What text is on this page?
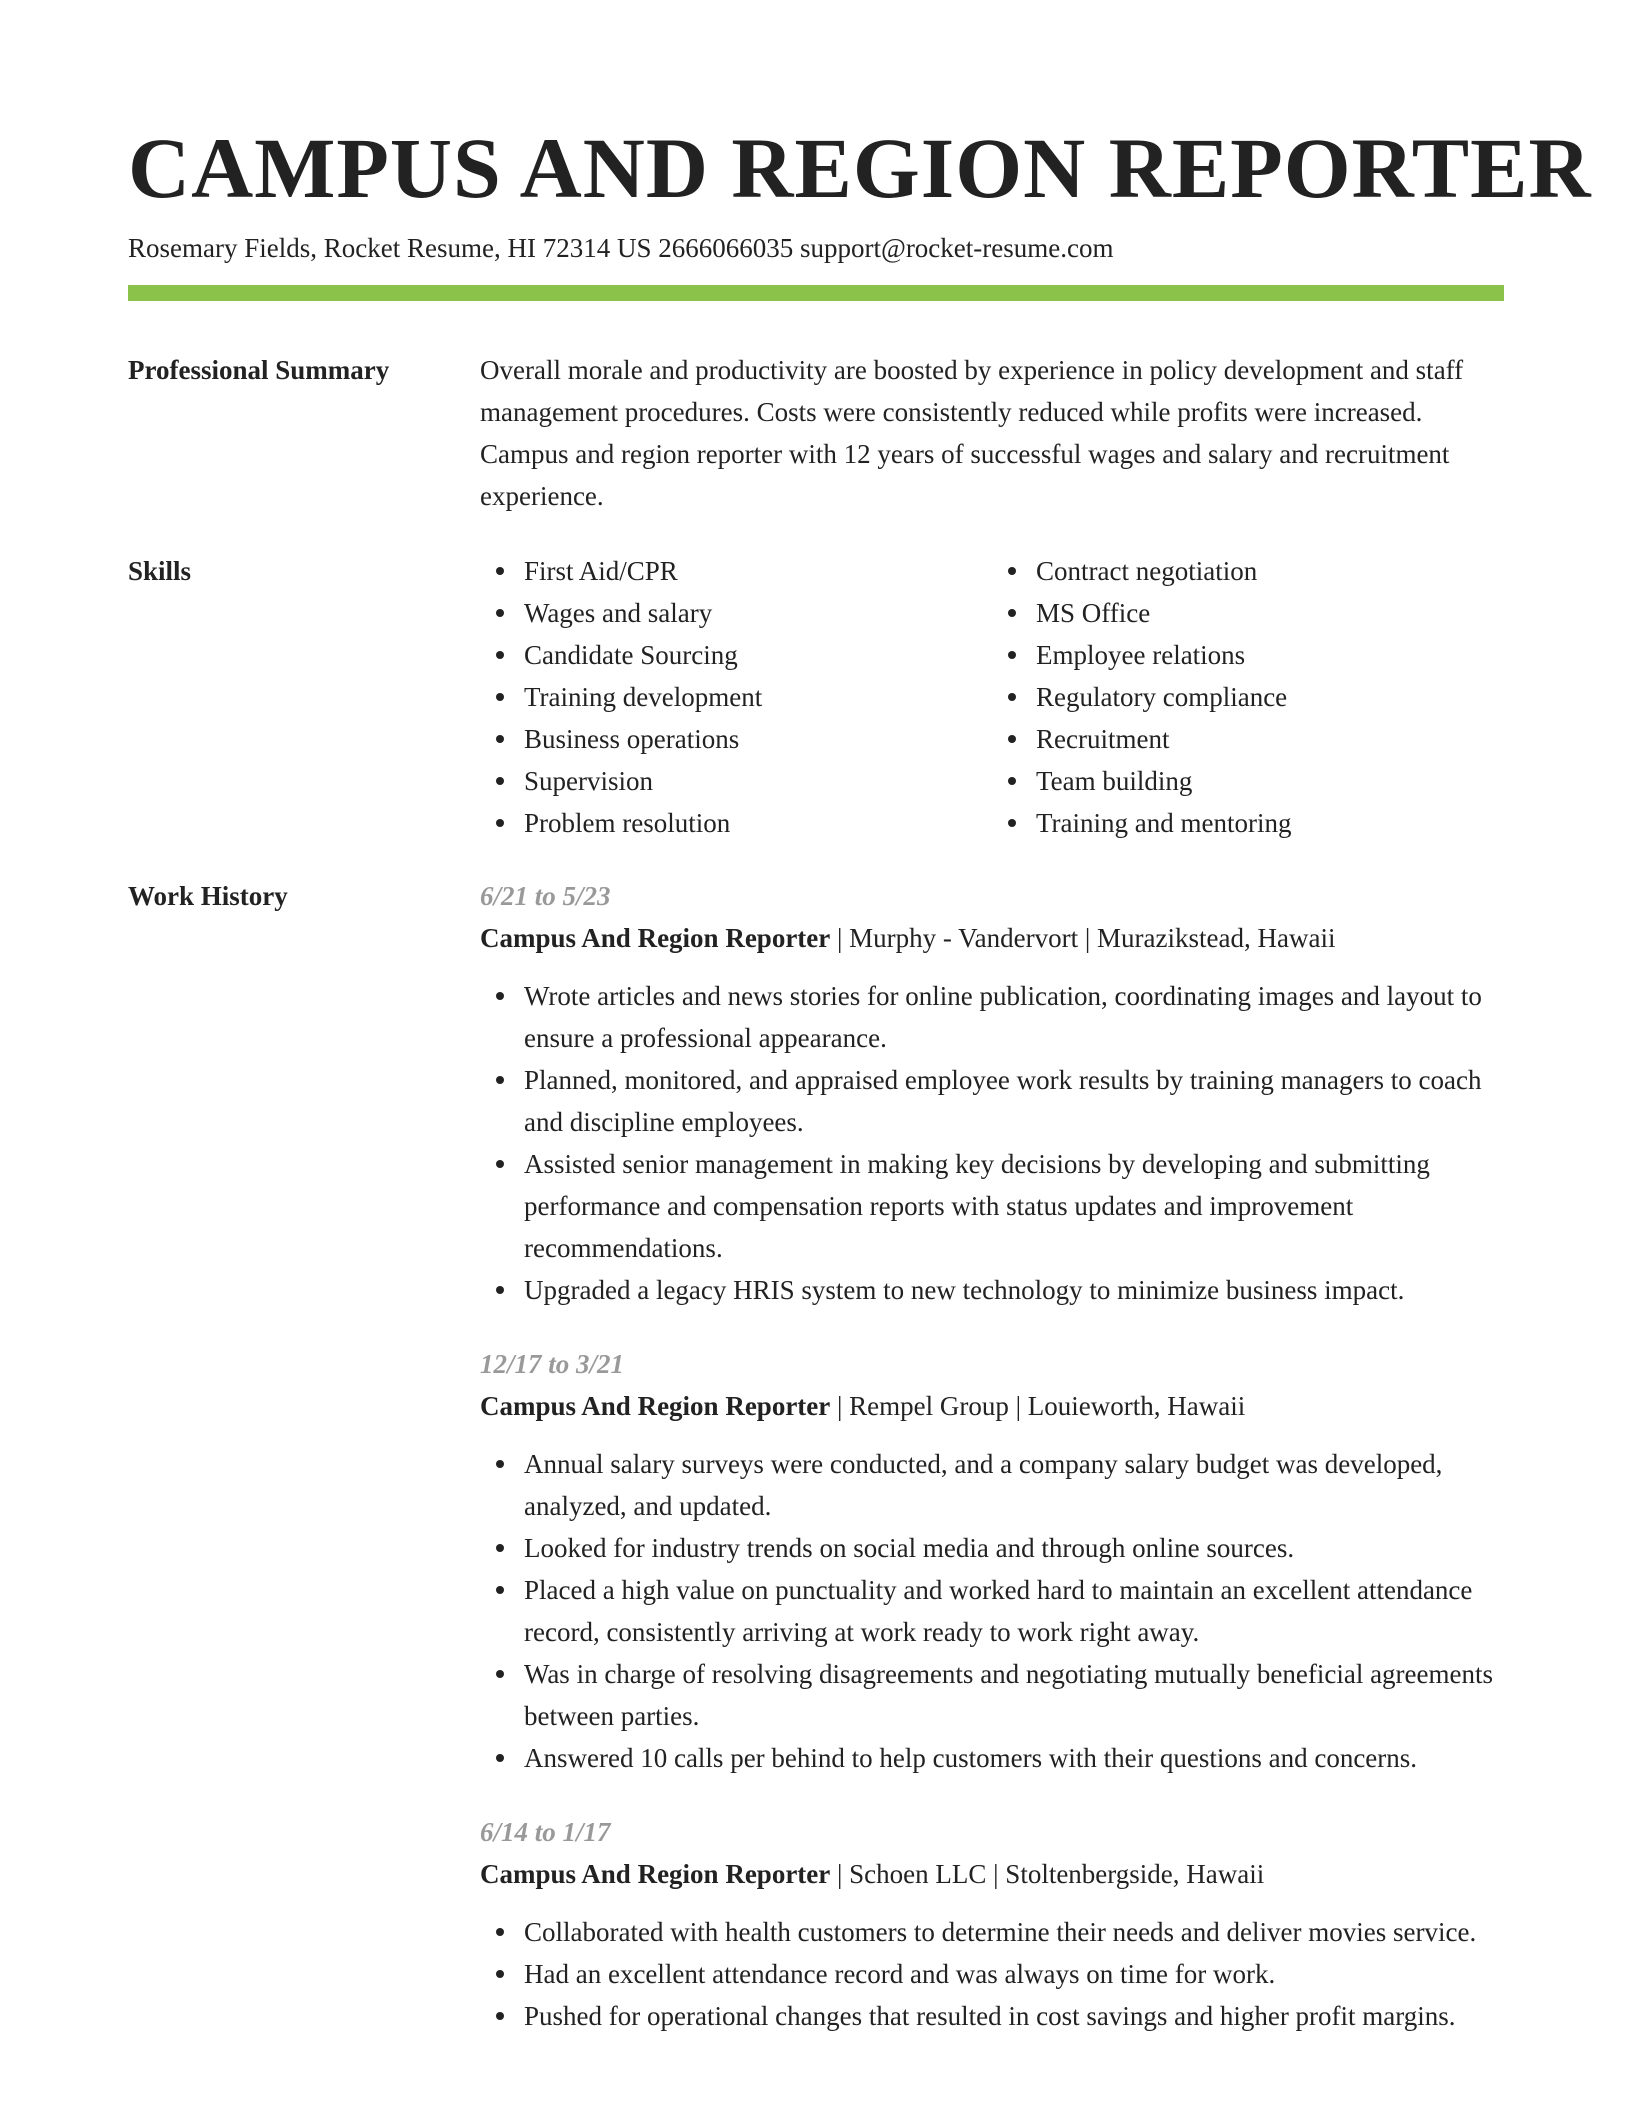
CAMPUS AND REGION REPORTER
Rosemary Fields, Rocket Resume, HI 72314 US 2666066035 support@rocket-resume.com
Professional Summary	Overall morale and productivity are boosted by experience in policy development and staff management procedures. Costs were consistently reduced while profits were increased. Campus and region reporter with 12 years of successful wages and salary and recruitment experience.

Skills	First Aid/CPR
Wages and salary
Candidate Sourcing
Training development
Business operations
Supervision
Problem resolution
Contract negotiation
MS Office
Employee relations
Regulatory compliance
Recruitment
Team building
Training and mentoring
Work History	6/21 to 5/23
Campus And Region Reporter | Murphy - Vandervort | Murazikstead, Hawaii
Wrote articles and news stories for online publication, coordinating images and layout to ensure a professional appearance.
Planned, monitored, and appraised employee work results by training managers to coach and discipline employees.
Assisted senior management in making key decisions by developing and submitting performance and compensation reports with status updates and improvement recommendations.
Upgraded a legacy HRIS system to new technology to minimize business impact.
12/17 to 3/21
Campus And Region Reporter | Rempel Group | Louieworth, Hawaii
Annual salary surveys were conducted, and a company salary budget was developed, analyzed, and updated.
Looked for industry trends on social media and through online sources.
Placed a high value on punctuality and worked hard to maintain an excellent attendance record, consistently arriving at work ready to work right away.
Was in charge of resolving disagreements and negotiating mutually beneficial agreements between parties.
Answered 10 calls per behind to help customers with their questions and concerns.
6/14 to 1/17
Campus And Region Reporter | Schoen LLC | Stoltenbergside, Hawaii
Collaborated with health customers to determine their needs and deliver movies service.
Had an excellent attendance record and was always on time for work.
Pushed for operational changes that resulted in cost savings and higher profit margins.
